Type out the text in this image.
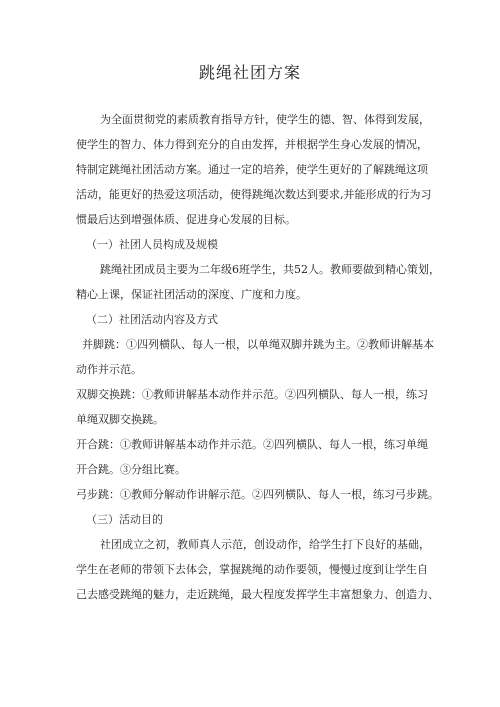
跳绳社团方案
为全面贯彻党的素质教育指导方针，使学生的德、智、体得到发展，
使学生的智力、体力得到充分的自由发挥，并根据学生身心发展的情况，
特制定跳绳社团活动方案。通过一定的培养，使学生更好的了解跳绳这项
活动，能更好的热爱这项活动，使得跳绳次数达到要求,并能形成的行为习
惯最后达到增强体质、促进身心发展的目标。
（一）社团人员构成及规模
跳绳社团成员主要为二年级6班学生，共52人。教师要做到精心策划，
精心上课，保证社团活动的深度、广度和力度。
（二）社团活动内容及方式
并脚跳：①四列横队、每人一根，以单绳双脚并跳为主。②教师讲解基本
动作并示范。
双脚交换跳：①教师讲解基本动作并示范。②四列横队、每人一根，练习
单绳双脚交换跳。
开合跳：①教师讲解基本动作并示范。②四列横队、每人一根，练习单绳
开合跳。③分组比赛。
弓步跳：①教师分解动作讲解示范。②四列横队、每人一根，练习弓步跳。
（三）活动目的
社团成立之初，教师真人示范，创设动作，给学生打下良好的基础，
学生在老师的带领下去体会，掌握跳绳的动作要领，慢慢过度到让学生自
己去感受跳绳的魅力，走近跳绳，最大程度发挥学生丰富想象力、创造力、
